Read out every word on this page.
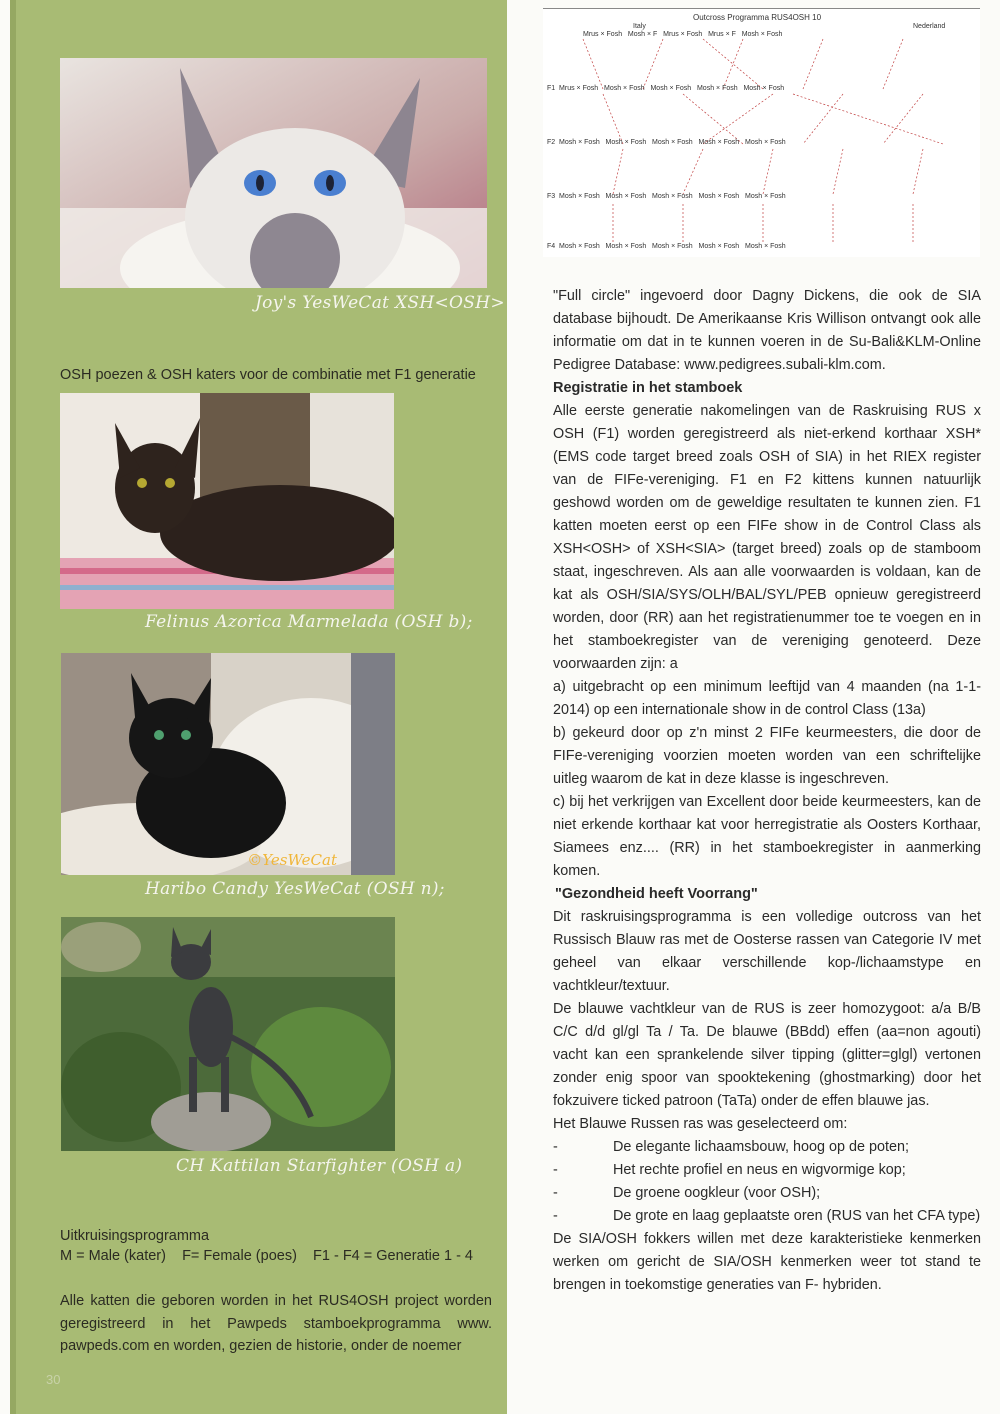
Joy's YesWeCat XSH<OSH>
OSH poezen & OSH katers voor de combinatie met F1 generatie
Felinus Azorica Marmelada (OSH b);
©YesWeCat
Haribo Candy YesWeCat (OSH n);
CH Kattilan Starfighter (OSH a)
Uitkruisingsprogramma
M = Male (kater)    F= Female (poes)    F1 - F4 = Generatie 1 - 4
Alle katten die geboren worden in het RUS4OSH project worden geregistreerd in het Pawpeds stamboekprogramma www. pawpeds.com en worden, gezien de historie, onder de noemer
30
Outcross Programma RUS4OSH 10
Italy	Nederland
Mrus × Fosh   Mosh × F   Mrus × Fosh   Mrus × F   Mosh × Fosh
F1  Mrus × Fosh   Mosh × Fosh   Mosh × Fosh   Mosh × Fosh   Mosh × Fosh
F2  Mosh × Fosh   Mosh × Fosh   Mosh × Fosh   Mosh × Fosh   Mosh × Fosh
F3  Mosh × Fosh   Mosh × Fosh   Mosh × Fosh   Mosh × Fosh   Mosh × Fosh
F4  Mosh × Fosh   Mosh × Fosh   Mosh × Fosh   Mosh × Fosh   Mosh × Fosh

"Full circle" ingevoerd door Dagny Dickens, die ook de SIA database bijhoudt. De Amerikaanse Kris Willison ontvangt ook alle informatie om dat in te kunnen voeren in de Su-Bali&KLM-Online Pedigree Database: www.pedigrees.subali-klm.com.

Registratie in het stamboek

Alle eerste generatie nakomelingen van de Raskruising RUS x OSH (F1) worden geregistreerd als niet-erkend korthaar XSH* (EMS code target breed zoals OSH of SIA) in het RIEX register van de FIFe-vereniging. F1 en F2 kittens kunnen natuurlijk geshowd worden om de geweldige resultaten te kunnen zien. F1 katten moeten eerst op een FIFe show in de Control Class als XSH<OSH> of XSH<SIA> (target breed) zoals op de stamboom staat, ingeschreven. Als aan alle voorwaarden is voldaan, kan de kat als OSH/SIA/SYS/OLH/BAL/SYL/PEB opnieuw geregistreerd worden, door (RR) aan het registratienummer toe te voegen en in het stamboekregister van de vereniging genoteerd. Deze voorwaarden zijn: a

a) uitgebracht op een minimum leeftijd van 4 maanden (na 1-1-2014) op een internationale show in de control Class (13a)

b) gekeurd door op z'n minst 2 FIFe keurmeesters, die door de FIFe-vereniging voorzien moeten worden van een schriftelijke uitleg waarom de kat in deze klasse is ingeschreven.

c) bij het verkrijgen van Excellent door beide keurmeesters, kan de niet erkende korthaar kat voor herregistratie als Oosters Korthaar, Siamees enz.... (RR) in het stamboekregister in aanmerking komen.

"Gezondheid heeft Voorrang"

Dit raskruisingsprogramma is een volledige outcross van het Russisch Blauw ras met de Oosterse rassen van Categorie IV met geheel van elkaar verschillende kop-/lichaamstype en vachtkleur/textuur.

De blauwe vachtkleur van de RUS is zeer homozygoot: a/a B/B C/C d/d gl/gl Ta / Ta. De blauwe (BBdd) effen (aa=non agouti) vacht kan een sprankelende silver tipping (glitter=glgl) vertonen zonder enig spoor van spooktekening (ghostmarking) door het fokzuivere ticked patroon (TaTa) onder de effen blauwe jas.

Het Blauwe Russen ras was geselecteerd om:

-	De elegante lichaamsbouw, hoog op de poten;
-	Het rechte profiel en neus en wigvormige kop;
-	De groene oogkleur (voor OSH);
-	De grote en laag geplaatste oren (RUS van het CFA type)

De SIA/OSH fokkers willen met deze karakteristieke kenmerken werken om gericht de SIA/OSH kenmerken weer tot stand te brengen in toekomstige generaties van F- hybriden.
